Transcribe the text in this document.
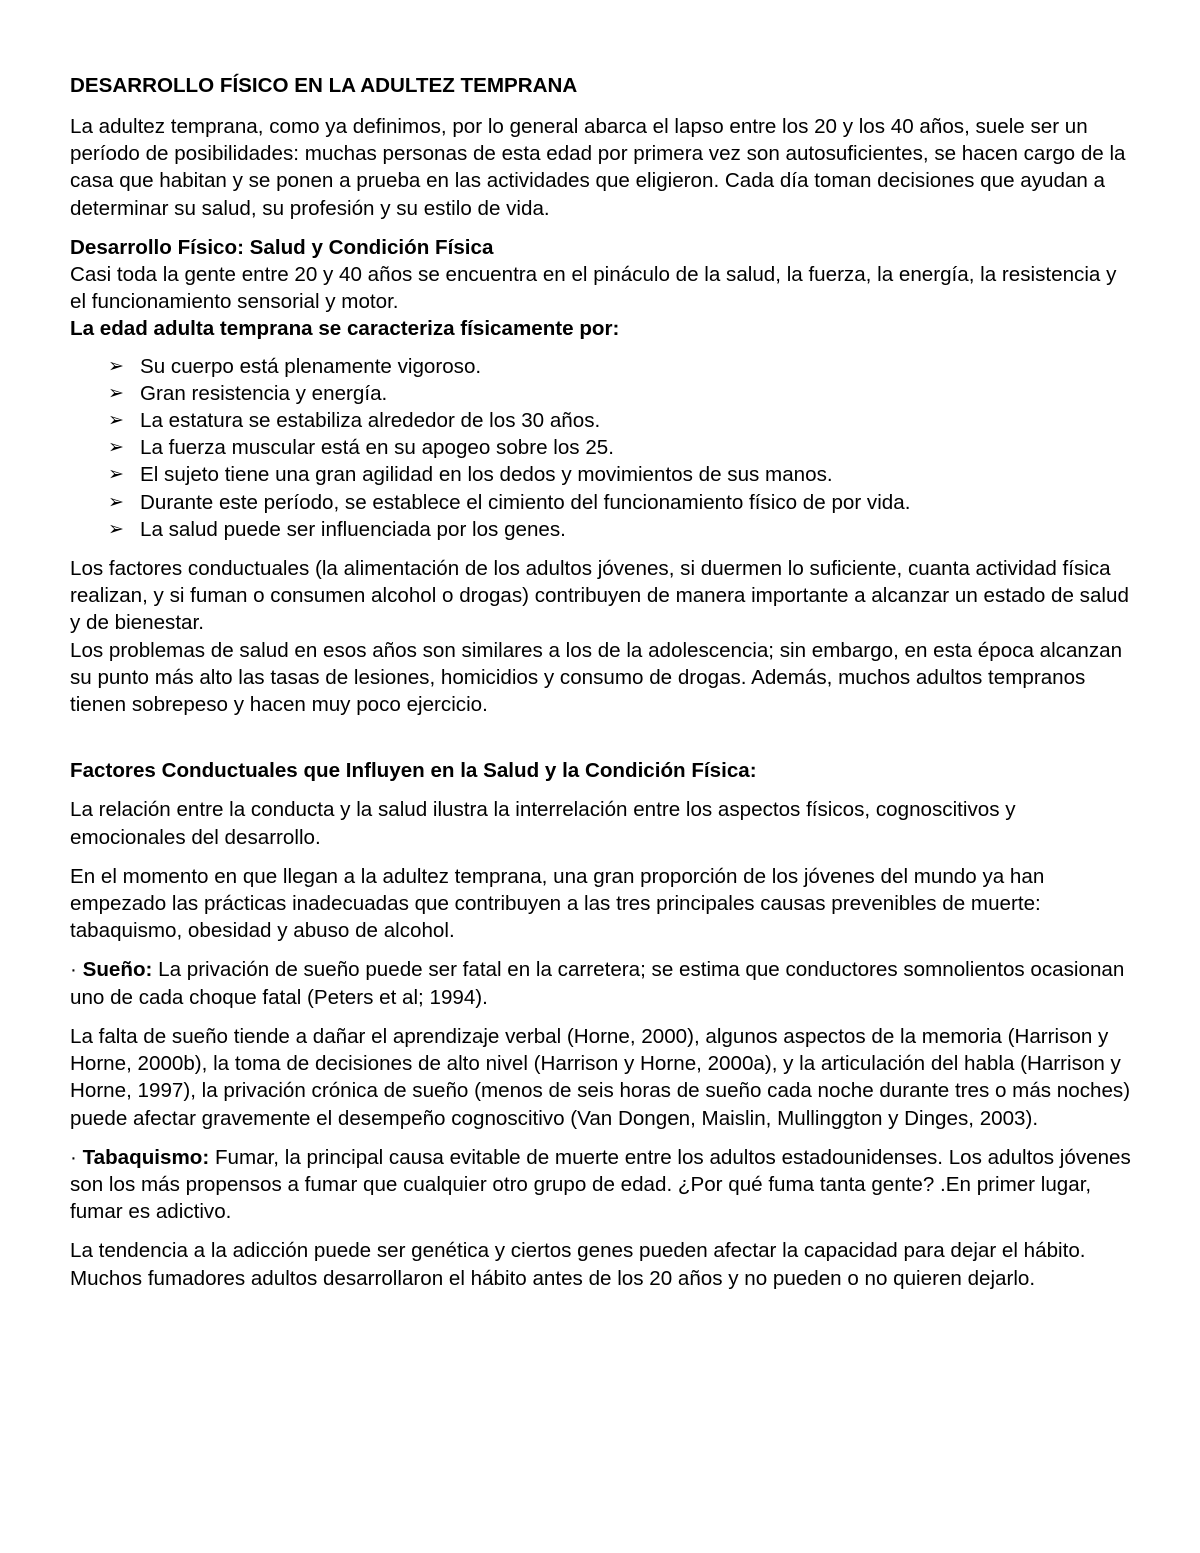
DESARROLLO FÍSICO EN LA ADULTEZ TEMPRANA

La adultez temprana, como ya definimos, por lo general abarca el lapso entre los 20 y los 40 años, suele ser un período de posibilidades: muchas personas de esta edad por primera vez son autosuficientes, se hacen cargo de la casa que habitan y se ponen a prueba en las actividades que eligieron. Cada día toman decisiones que ayudan a determinar su salud, su profesión y su estilo de vida.

Desarrollo Físico: Salud y Condición Física

Casi toda la gente entre 20 y 40 años se encuentra en el pináculo de la salud, la fuerza, la energía, la resistencia y el funcionamiento sensorial y motor.

La edad adulta temprana se caracteriza físicamente por:
➢ Su cuerpo está plenamente vigoroso.
➢ Gran resistencia y energía.
➢ La estatura se estabiliza alrededor de los 30 años.
➢ La fuerza muscular está en su apogeo sobre los 25.
➢ El sujeto tiene una gran agilidad en los dedos y movimientos de sus manos.
➢ Durante este período, se establece el cimiento del funcionamiento físico de por vida.
➢ La salud puede ser influenciada por los genes.

Los factores conductuales (la alimentación de los adultos jóvenes, si duermen lo suficiente, cuanta actividad física realizan, y si fuman o consumen alcohol o drogas) contribuyen de manera importante a alcanzar un estado de salud y de bienestar.

Los problemas de salud en esos años son similares a los de la adolescencia; sin embargo, en esta época alcanzan su punto más alto las tasas de lesiones, homicidios y consumo de drogas. Además, muchos adultos tempranos tienen sobrepeso y hacen muy poco ejercicio.

Factores Conductuales que Influyen en la Salud y la Condición Física:

La relación entre la conducta y la salud ilustra la interrelación entre los aspectos físicos, cognoscitivos y emocionales del desarrollo.

En el momento en que llegan a la adultez temprana, una gran proporción de los jóvenes del mundo ya han empezado las prácticas inadecuadas que contribuyen a las tres principales causas prevenibles de muerte: tabaquismo, obesidad y abuso de alcohol.

· Sueño: La privación de sueño puede ser fatal en la carretera; se estima que conductores somnolientos ocasionan uno de cada choque fatal (Peters et al; 1994).

La falta de sueño tiende a dañar el aprendizaje verbal (Horne, 2000), algunos aspectos de la memoria (Harrison y Horne, 2000b), la toma de decisiones de alto nivel (Harrison y Horne, 2000a), y la articulación del habla (Harrison y Horne, 1997), la privación crónica de sueño (menos de seis horas de sueño cada noche durante tres o más noches) puede afectar gravemente el desempeño cognoscitivo (Van Dongen, Maislin, Mullinggton y Dinges, 2003).

· Tabaquismo: Fumar, la principal causa evitable de muerte entre los adultos estadounidenses. Los adultos jóvenes son los más propensos a fumar que cualquier otro grupo de edad. ¿Por qué fuma tanta gente? .En primer lugar, fumar es adictivo.

La tendencia a la adicción puede ser genética y ciertos genes pueden afectar la capacidad para dejar el hábito. Muchos fumadores adultos desarrollaron el hábito antes de los 20 años y no pueden o no quieren dejarlo.
